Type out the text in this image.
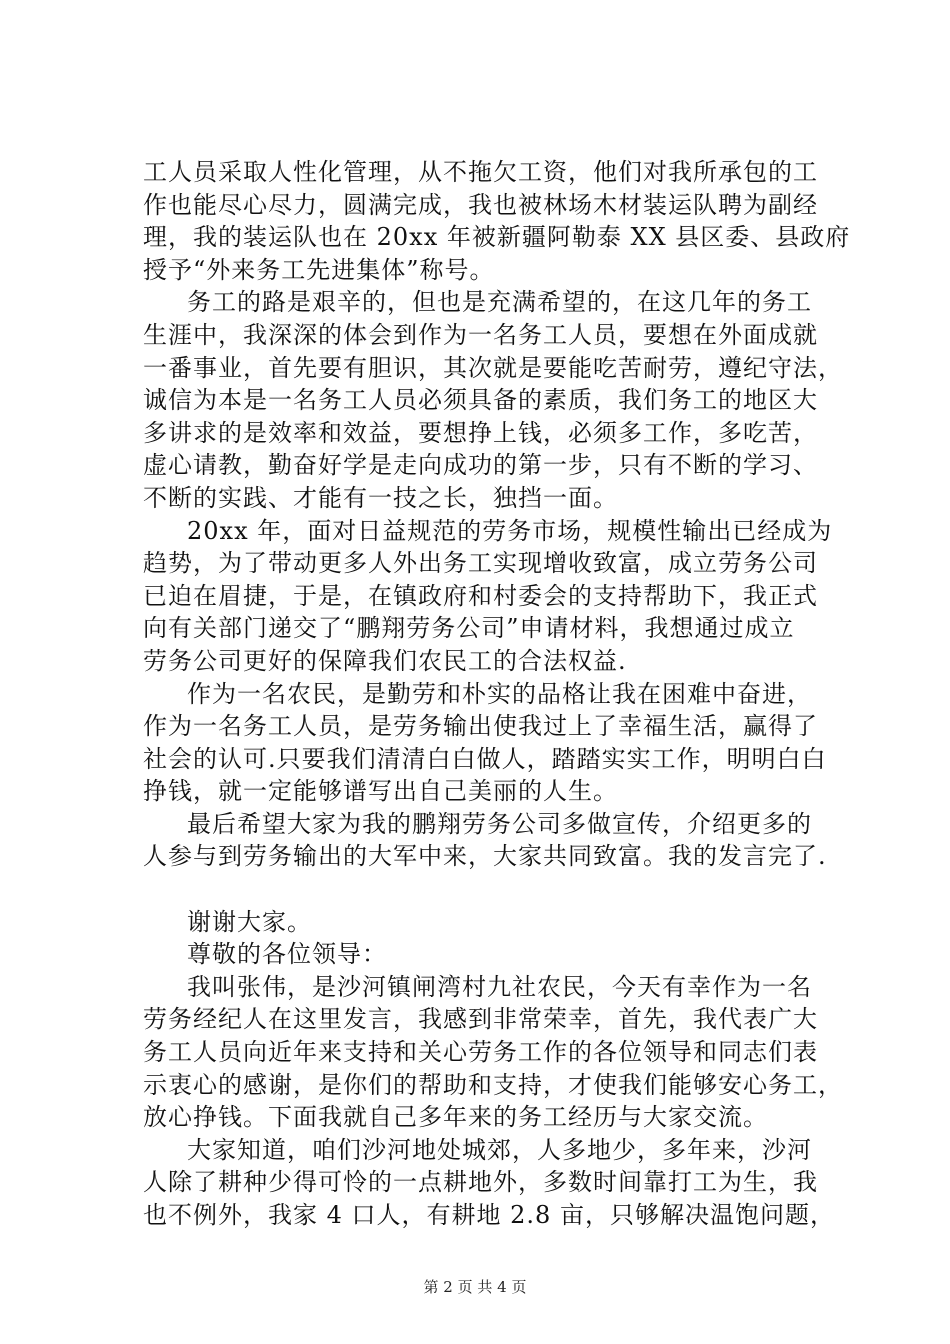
工人员采取人性化管理，从不拖欠工资，他们对我所承包的工
作也能尽心尽力，圆满完成，我也被林场木材装运队聘为副经
理，我的装运队也在 20xx 年被新疆阿勒泰 XX 县区委、县政府
授予“外来务工先进集体”称号。
务工的路是艰辛的，但也是充满希望的，在这几年的务工
生涯中，我深深的体会到作为一名务工人员，要想在外面成就
一番事业，首先要有胆识，其次就是要能吃苦耐劳，遵纪守法，
诚信为本是一名务工人员必须具备的素质，我们务工的地区大
多讲求的是效率和效益，要想挣上钱，必须多工作，多吃苦，
虚心请教，勤奋好学是走向成功的第一步，只有不断的学习、
不断的实践、才能有一技之长，独挡一面。
20xx 年，面对日益规范的劳务市场，规模性输出已经成为
趋势，为了带动更多人外出务工实现增收致富，成立劳务公司
已迫在眉捷，于是，在镇政府和村委会的支持帮助下，我正式
向有关部门递交了“鹏翔劳务公司”申请材料，我想通过成立
劳务公司更好的保障我们农民工的合法权益.
作为一名农民，是勤劳和朴实的品格让我在困难中奋进，
作为一名务工人员，是劳务输出使我过上了幸福生活，赢得了
社会的认可.只要我们清清白白做人，踏踏实实工作，明明白白
挣钱，就一定能够谱写出自己美丽的人生。
最后希望大家为我的鹏翔劳务公司多做宣传，介绍更多的
人参与到劳务输出的大军中来，大家共同致富。我的发言完了.
谢谢大家。
尊敬的各位领导：
我叫张伟，是沙河镇闸湾村九社农民，今天有幸作为一名
劳务经纪人在这里发言，我感到非常荣幸，首先，我代表广大
务工人员向近年来支持和关心劳务工作的各位领导和同志们表
示衷心的感谢，是你们的帮助和支持，才使我们能够安心务工，
放心挣钱。下面我就自己多年来的务工经历与大家交流。
大家知道，咱们沙河地处城郊，人多地少，多年来，沙河
人除了耕种少得可怜的一点耕地外，多数时间靠打工为生，我
也不例外，我家 4 口人，有耕地 2.8 亩，只够解决温饱问题，
第 2 页 共 4 页
